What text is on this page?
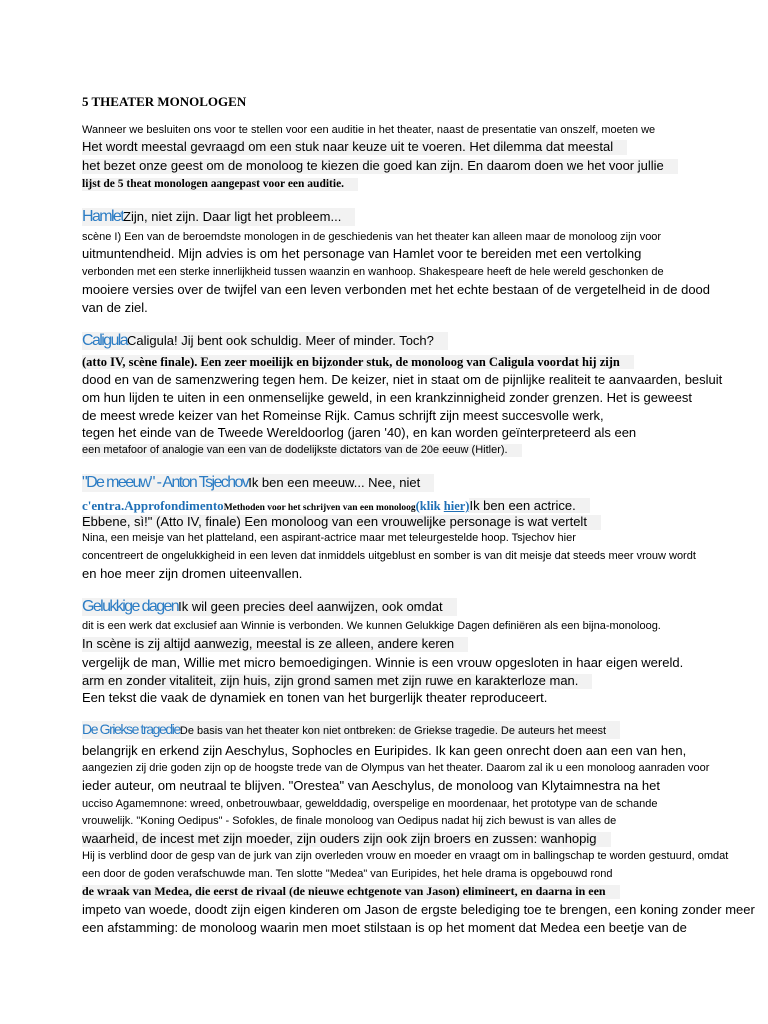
5 THEATER MONOLOGEN
Wanneer we besluiten ons voor te stellen voor een auditie in het theater, naast de presentatie van onszelf, moeten we
Het wordt meestal gevraagd om een stuk naar keuze uit te voeren. Het dilemma dat meestal
het bezet onze geest om de monoloog te kiezen die goed kan zijn. En daarom doen we het voor jullie
lijst de 5 theat monologen aangepast voor een auditie.
HamletZijn, niet zijn. Daar ligt het probleem...
scène I) Een van de beroemdste monologen in de geschiedenis van het theater kan alleen maar de monoloog zijn voor
uitmuntendheid. Mijn advies is om het personage van Hamlet voor te bereiden met een vertolking
verbonden met een sterke innerlijkheid tussen waanzin en wanhoop. Shakespeare heeft de hele wereld geschonken de
mooiere versies over de twijfel van een leven verbonden met het echte bestaan of de vergetelheid in de dood
van de ziel.
CaligulaCaligula! Jij bent ook schuldig. Meer of minder. Toch?
(atto IV, scène finale). Een zeer moeilijk en bijzonder stuk, de monoloog van Caligula voordat hij zijn
dood en van de samenzwering tegen hem. De keizer, niet in staat om de pijnlijke realiteit te aanvaarden, besluit
om hun lijden te uiten in een onmenselijke geweld, in een krankzinnigheid zonder grenzen. Het is geweest
de meest wrede keizer van het Romeinse Rijk. Camus schrijft zijn meest succesvolle werk,
tegen het einde van de Tweede Wereldoorlog (jaren '40), en kan worden geïnterpreteerd als een
een metafoor of analogie van een van de dodelijkste dictators van de 20e eeuw (Hitler).
"De meeuw" - Anton TsjechovIk ben een meeuw... Nee, niet
c'entra.ApprofondimentoMethoden voor het schrijven van een monoloog(klik hier)Ik ben een actrice.
Ebbene, sì!" (Atto IV, finale) Een monoloog van een vrouwelijke personage is wat vertelt
Nina, een meisje van het platteland, een aspirant-actrice maar met teleurgestelde hoop. Tsjechov hier
concentreert de ongelukkigheid in een leven dat inmiddels uitgeblust en somber is van dit meisje dat steeds meer vrouw wordt
en hoe meer zijn dromen uiteenvallen.
Gelukkige dagenIk wil geen precies deel aanwijzen, ook omdat
dit is een werk dat exclusief aan Winnie is verbonden. We kunnen Gelukkige Dagen definiëren als een bijna-monoloog.
In scène is zij altijd aanwezig, meestal is ze alleen, andere keren
vergelijk de man, Willie met micro bemoedigingen. Winnie is een vrouw opgesloten in haar eigen wereld.
arm en zonder vitaliteit, zijn huis, zijn grond samen met zijn ruwe en karakterloze man.
Een tekst die vaak de dynamiek en tonen van het burgerlijk theater reproduceert.
De Griekse tragedieDe basis van het theater kon niet ontbreken: de Griekse tragedie. De auteurs het meest
belangrijk en erkend zijn Aeschylus, Sophocles en Euripides. Ik kan geen onrecht doen aan een van hen,
aangezien zij drie goden zijn op de hoogste trede van de Olympus van het theater. Daarom zal ik u een monoloog aanraden voor
ieder auteur, om neutraal te blijven. "Orestea" van Aeschylus, de monoloog van Klytaimnestra na het
ucciso Agamemnone: wreed, onbetrouwbaar, gewelddadig, overspelige en moordenaar, het prototype van de schande
vrouwelijk. "Koning Oedipus" - Sofokles, de finale monoloog van Oedipus nadat hij zich bewust is van alles de
waarheid, de incest met zijn moeder, zijn ouders zijn ook zijn broers en zussen: wanhopig
Hij is verblind door de gesp van de jurk van zijn overleden vrouw en moeder en vraagt om in ballingschap te worden gestuurd, omdat
een door de goden verafschuwde man. Ten slotte "Medea" van Euripides, het hele drama is opgebouwd rond
de wraak van Medea, die eerst de rivaal (de nieuwe echtgenote van Jason) elimineert, en daarna in een
impeto van woede, doodt zijn eigen kinderen om Jason de ergste belediging toe te brengen, een koning zonder meer
een afstamming: de monoloog waarin men moet stilstaan is op het moment dat Medea een beetje van de
